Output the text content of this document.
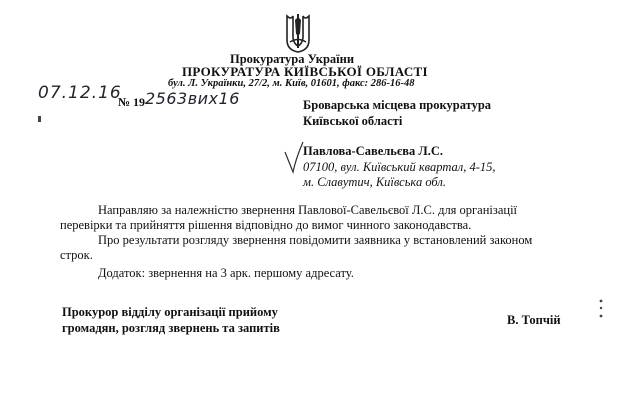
Прокуратура України
ПРОКУРАТУРА КИЇВСЬКОЇ ОБЛАСТІ
бул. Л. Українки, 27/2, м. Київ, 01601, факс: 286-16-48
07.12.16
№ 19-
2563вих16	Броварська місцева прокуратура
Київської області
Павлова-Савельєва Л.С.
07100, вул. Київський квартал, 4-15,
м. Славутич, Київська обл.
Направляю за належністю звернення Павлової-Савельєвої Л.С. для організації
перевірки та прийняття рішення відповідно до вимог чинного законодавства.
Про результати розгляду звернення повідомити заявника у встановлений законом
строк.
Додаток: звернення на 3 арк. першому адресату.
Прокурор відділу організації прийому
громадян, розгляд звернень та запитів
В. Топчій
